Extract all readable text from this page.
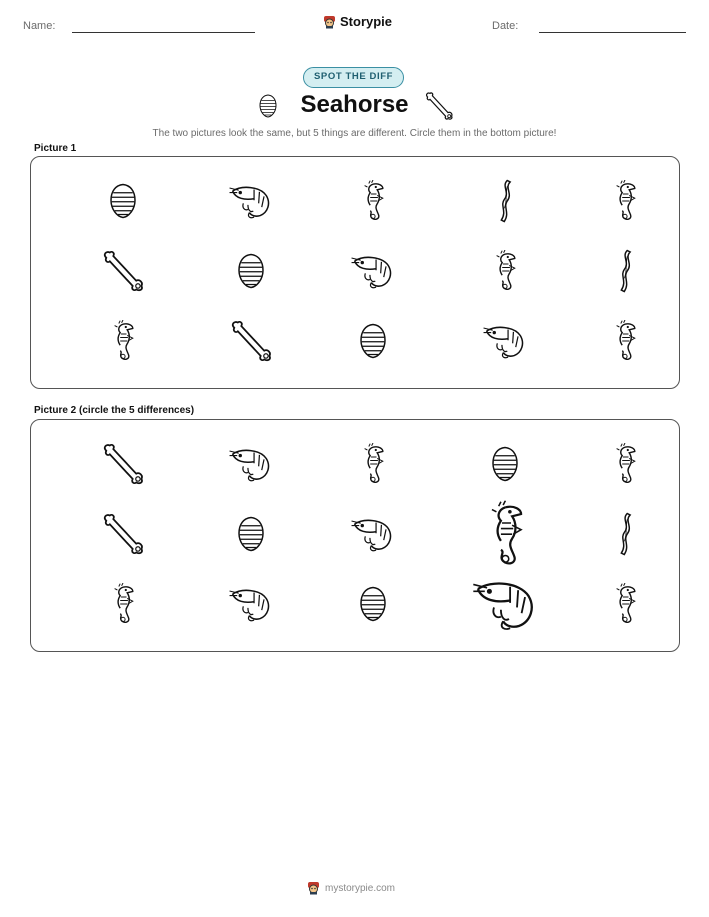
Name:	Storypie	Date:
SPOT THE DIFF
Seahorse
The two pictures look the same, but 5 things are different. Circle them in the bottom picture!
Picture 1
Picture 2 (circle the 5 differences)
mystorypie.com
